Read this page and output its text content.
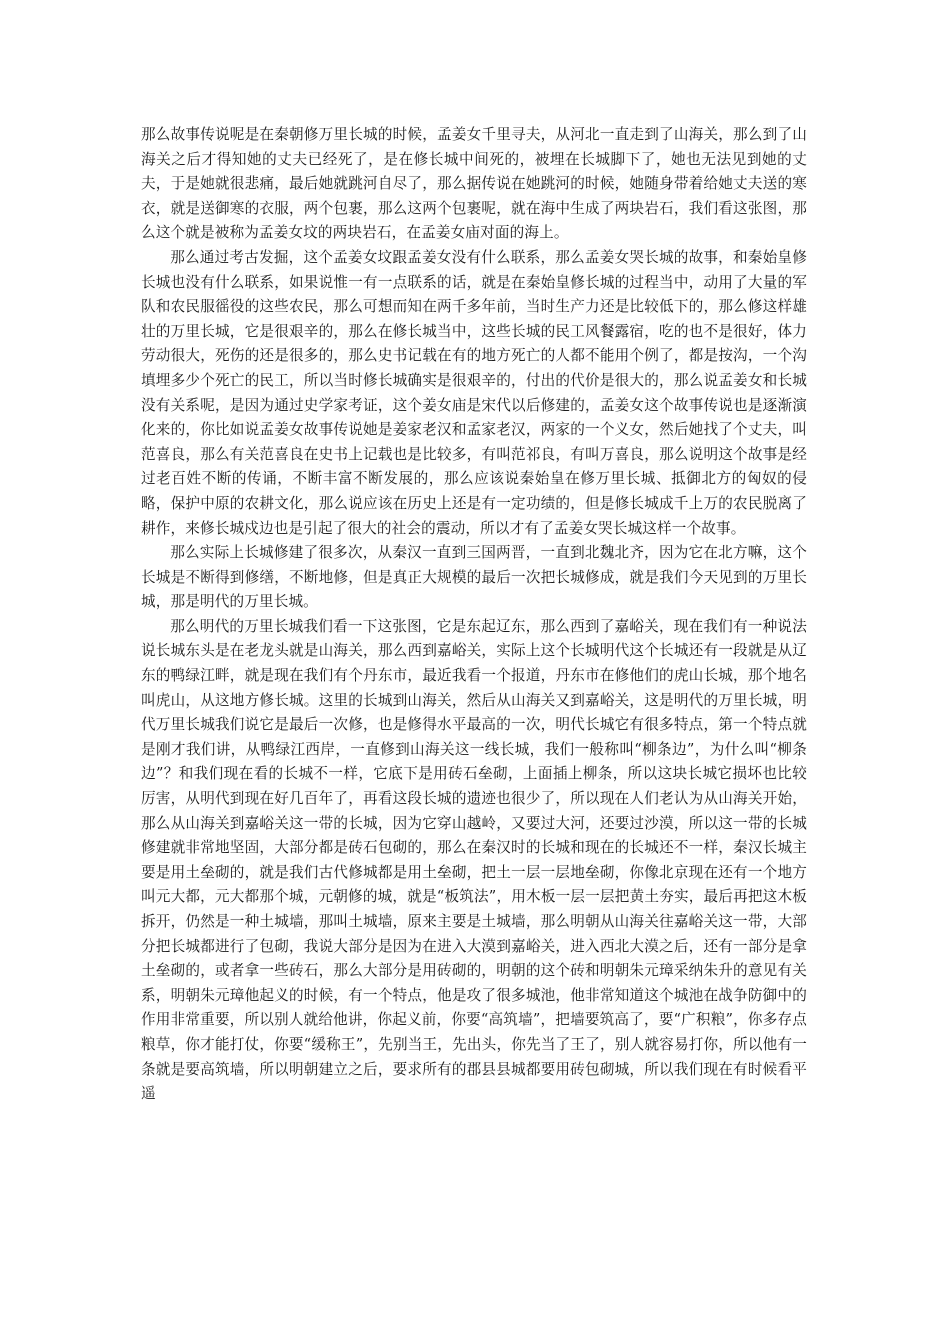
那么故事传说呢是在秦朝修万里长城的时候，孟姜女千里寻夫，从河北一直走到了山海关，那么到了山海关之后才得知她的丈夫已经死了，是在修长城中间死的，被埋在长城脚下了，她也无法见到她的丈夫，于是她就很悲痛，最后她就跳河自尽了，那么据传说在她跳河的时候，她随身带着给她丈夫送的寒衣，就是送御寒的衣服，两个包裹，那么这两个包裹呢，就在海中生成了两块岩石，我们看这张图，那么这个就是被称为孟姜女坟的两块岩石，在孟姜女庙对面的海上。

那么通过考古发掘，这个孟姜女坟跟孟姜女没有什么联系，那么孟姜女哭长城的故事，和秦始皇修长城也没有什么联系，如果说惟一有一点联系的话，就是在秦始皇修长城的过程当中，动用了大量的军队和农民服徭役的这些农民，那么可想而知在两千多年前，当时生产力还是比较低下的，那么修这样雄壮的万里长城，它是很艰辛的，那么在修长城当中，这些长城的民工风餐露宿，吃的也不是很好，体力劳动很大，死伤的还是很多的，那么史书记载在有的地方死亡的人都不能用个例了，都是按沟，一个沟填埋多少个死亡的民工，所以当时修长城确实是很艰辛的，付出的代价是很大的，那么说孟姜女和长城没有关系呢，是因为通过史学家考证，这个姜女庙是宋代以后修建的，孟姜女这个故事传说也是逐渐演化来的，你比如说孟姜女故事传说她是姜家老汉和孟家老汉，两家的一个义女，然后她找了个丈夫，叫范喜良，那么有关范喜良在史书上记载也是比较多，有叫范祁良，有叫万喜良，那么说明这个故事是经过老百姓不断的传诵，不断丰富不断发展的，那么应该说秦始皇在修万里长城、抵御北方的匈奴的侵略，保护中原的农耕文化，那么说应该在历史上还是有一定功绩的，但是修长城成千上万的农民脱离了耕作，来修长城戍边也是引起了很大的社会的震动，所以才有了孟姜女哭长城这样一个故事。

那么实际上长城修建了很多次，从秦汉一直到三国两晋，一直到北魏北齐，因为它在北方嘛，这个长城是不断得到修缮，不断地修，但是真正大规模的最后一次把长城修成，就是我们今天见到的万里长城，那是明代的万里长城。

那么明代的万里长城我们看一下这张图，它是东起辽东，那么西到了嘉峪关，现在我们有一种说法说长城东头是在老龙头就是山海关，那么西到嘉峪关，实际上这个长城明代这个长城还有一段就是从辽东的鸭绿江畔，就是现在我们有个丹东市，最近我看一个报道，丹东市在修他们的虎山长城，那个地名叫虎山，从这地方修长城。这里的长城到山海关，然后从山海关又到嘉峪关，这是明代的万里长城，明代万里长城我们说它是最后一次修，也是修得水平最高的一次，明代长城它有很多特点，第一个特点就是刚才我们讲，从鸭绿江西岸，一直修到山海关这一线长城，我们一般称叫“柳条边”，为什么叫“柳条边”？和我们现在看的长城不一样，它底下是用砖石垒砌，上面插上柳条，所以这块长城它损坏也比较厉害，从明代到现在好几百年了，再看这段长城的遗迹也很少了，所以现在人们老认为从山海关开始，那么从山海关到嘉峪关这一带的长城，因为它穿山越岭，又要过大河，还要过沙漠，所以这一带的长城修建就非常地坚固，大部分都是砖石包砌的，那么在秦汉时的长城和现在的长城还不一样，秦汉长城主要是用土垒砌的，就是我们古代修城都是用土垒砌，把土一层一层地垒砌，你像北京现在还有一个地方叫元大都，元大都那个城，元朝修的城，就是“板筑法”，用木板一层一层把黄土夯实，最后再把这木板拆开，仍然是一种土城墙，那叫土城墙，原来主要是土城墙，那么明朝从山海关往嘉峪关这一带，大部分把长城都进行了包砌，我说大部分是因为在进入大漠到嘉峪关，进入西北大漠之后，还有一部分是拿土垒砌的，或者拿一些砖石，那么大部分是用砖砌的，明朝的这个砖和明朝朱元璋采纳朱升的意见有关系，明朝朱元璋他起义的时候，有一个特点，他是攻了很多城池，他非常知道这个城池在战争防御中的作用非常重要，所以别人就给他讲，你起义前，你要“高筑墙”，把墙要筑高了，要“广积粮”，你多存点粮草，你才能打仗，你要“缓称王”，先别当王，先出头，你先当了王了，别人就容易打你，所以他有一条就是要高筑墙，所以明朝建立之后，要求所有的郡县县城都要用砖包砌城，所以我们现在有时候看平遥
